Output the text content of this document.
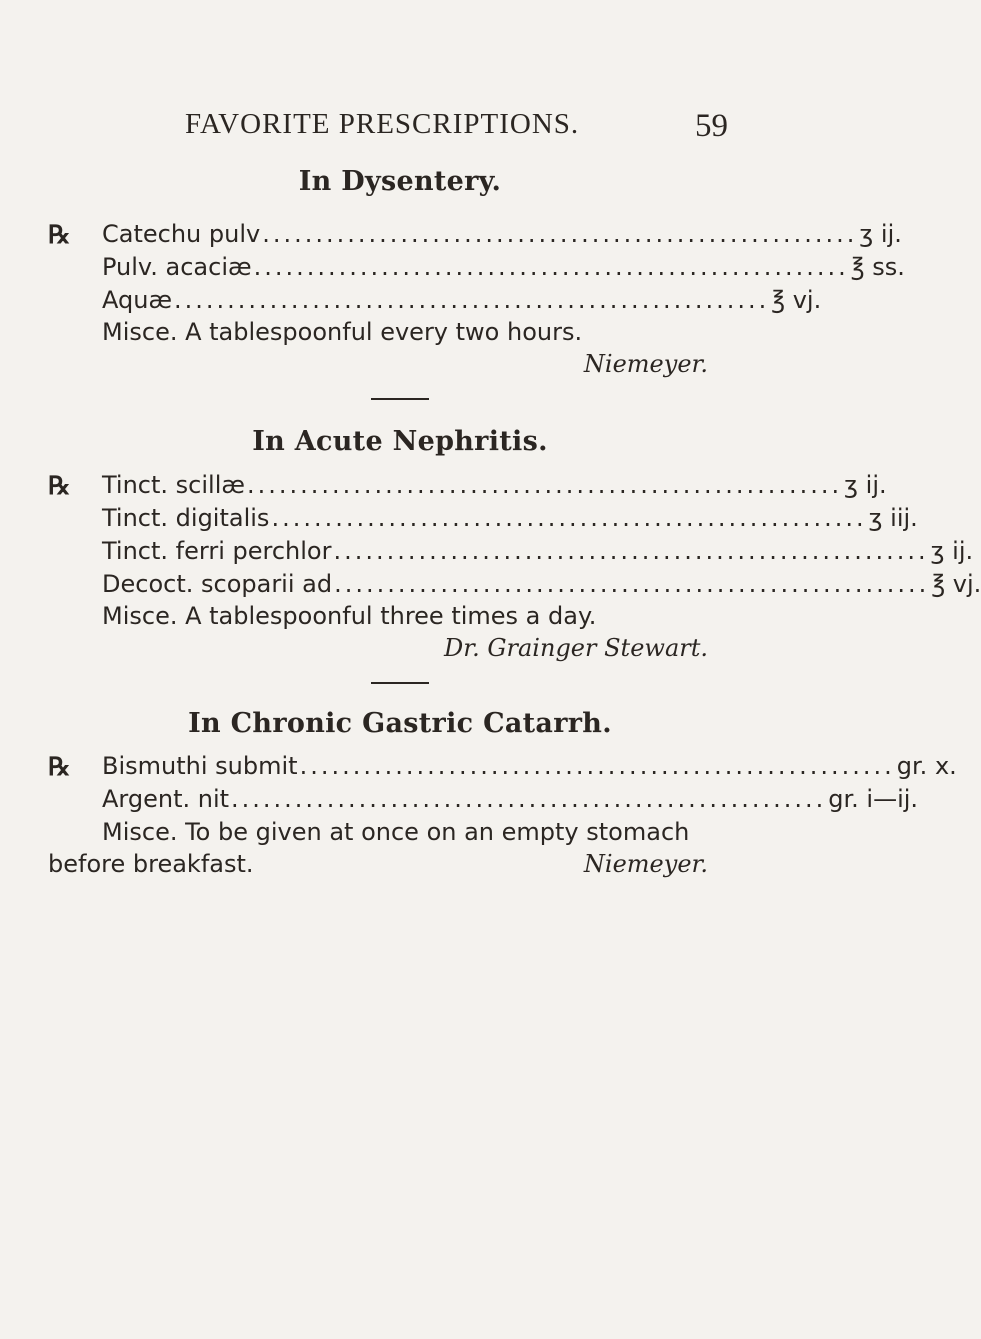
FAVORITE PRESCRIPTIONS.	59
In Dysentery.
℞ Catechu pulv ........................................................ ʒ ij.
Pulv. acaciæ ........................................................ ℥ ss.
Aquæ ........................................................ ℥ vj.
Misce. A tablespoonful every two hours.
Niemeyer.
In Acute Nephritis.
℞ Tinct. scillæ ........................................................ ʒ ij.
Tinct. digitalis ........................................................ ʒ iij.
Tinct. ferri perchlor ........................................................ ʒ ij.
Decoct. scoparii ad ........................................................ ℥ vj.
Misce. A tablespoonful three times a day.
Dr. Grainger Stewart.
In Chronic Gastric Catarrh.
℞ Bismuthi submit ........................................................ gr. x.
Argent. nit ........................................................ gr. i—ij.
Misce. To be given at once on an empty stomach
before breakfast.	Niemeyer.
